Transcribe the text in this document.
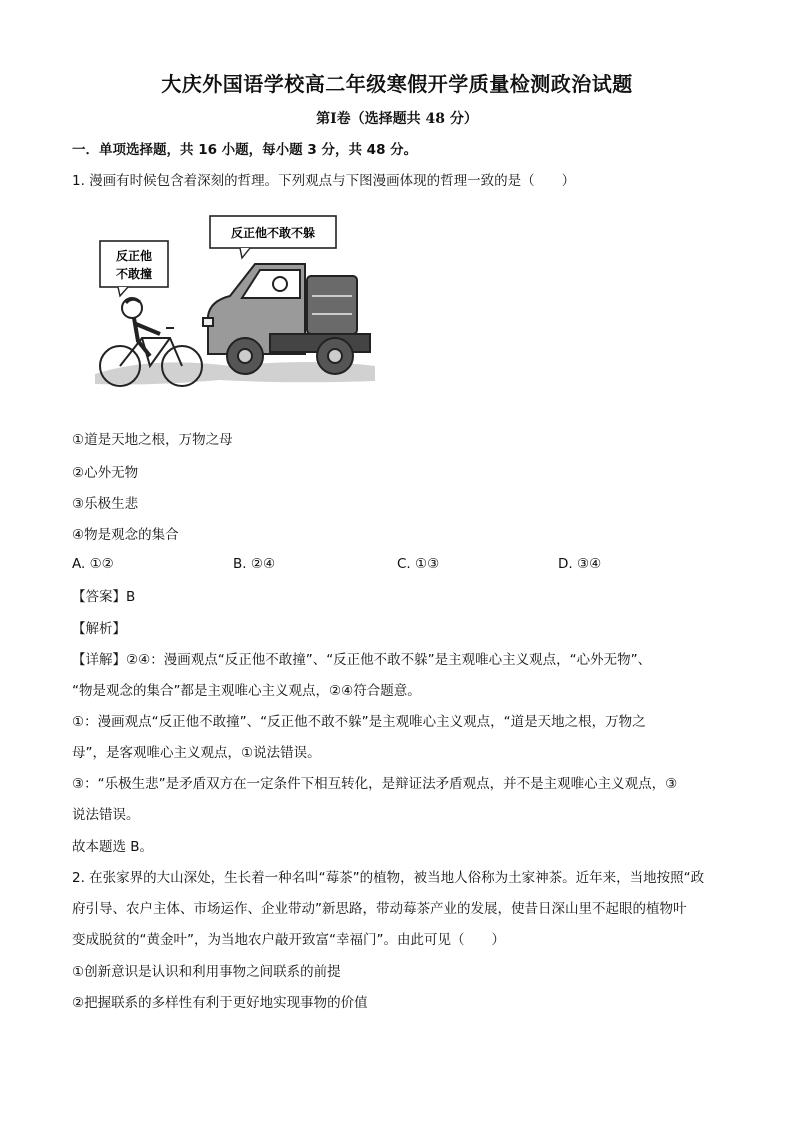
大庆外国语学校高二年级寒假开学质量检测政治试题
第Ⅰ卷（选择题共 48 分）
一．单项选择题，共 16 小题，每小题 3 分，共 48 分。
1. 漫画有时候包含着深刻的哲理。下列观点与下图漫画体现的哲理一致的是（　　）
反正他
不敢撞
反正他不敢不躲
①道是天地之根，万物之母
②心外无物
③乐极生悲
④物是观念的集合
A. ①②	B. ②④	C. ①③	D. ③④
【答案】B
【解析】
【详解】②④：漫画观点“反正他不敢撞”、“反正他不敢不躲”是主观唯心主义观点，“心外无物”、
“物是观念的集合”都是主观唯心主义观点，②④符合题意。
①：漫画观点“反正他不敢撞”、“反正他不敢不躲”是主观唯心主义观点，“道是天地之根，万物之
母”，是客观唯心主义观点，①说法错误。
③：“乐极生悲”是矛盾双方在一定条件下相互转化，是辩证法矛盾观点，并不是主观唯心主义观点，③
说法错误。
故本题选 B。
2. 在张家界的大山深处，生长着一种名叫“莓茶”的植物，被当地人俗称为土家神茶。近年来，当地按照“政
府引导、农户主体、市场运作、企业带动”新思路，带动莓茶产业的发展，使昔日深山里不起眼的植物叶
变成脱贫的“黄金叶”，为当地农户敲开致富“幸福门”。由此可见（　　）
①创新意识是认识和利用事物之间联系的前提
②把握联系的多样性有利于更好地实现事物的价值
